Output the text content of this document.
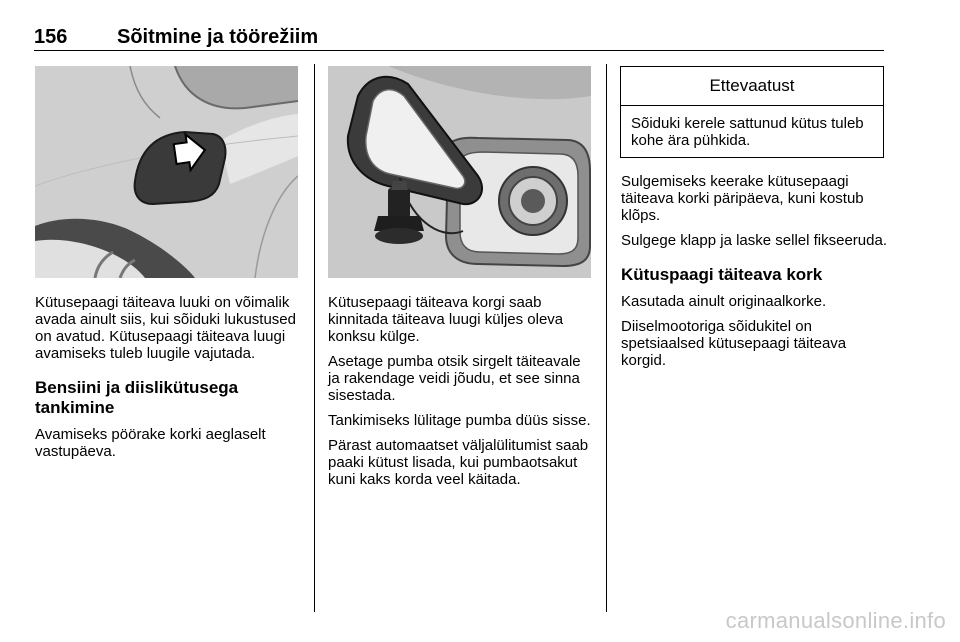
156 Sõitmine ja töörežiim

Kütusepaagi täiteava luuki on võimalik avada ainult siis, kui sõiduki lukustused on avatud. Kütusepaagi täiteava luugi avamiseks tuleb luugile vajutada.

Bensiini ja diislikütusega tankimine

Avamiseks pöörake korki aeglaselt vastupäeva.

Kütusepaagi täiteava korgi saab kinnitada täiteava luugi küljes oleva konksu külge.

Asetage pumba otsik sirgelt täiteavale ja rakendage veidi jõudu, et see sinna sisestada.

Tankimiseks lülitage pumba düüs sisse.

Pärast automaatset väljalülitumist saab paaki kütust lisada, kui pumbaotsakut kuni kaks korda veel käitada.

Ettevaatust
Sõiduki kerele sattunud kütus tuleb kohe ära pühkida.

Sulgemiseks keerake kütusepaagi täiteava korki päripäeva, kuni kostub klõps.

Sulgege klapp ja laske sellel fikseeruda.

Kütuspaagi täiteava kork

Kasutada ainult originaalkorke.

Diiselmootoriga sõidukitel on spetsiaalsed kütusepaagi täiteava korgid.

carmanualsonline.info
